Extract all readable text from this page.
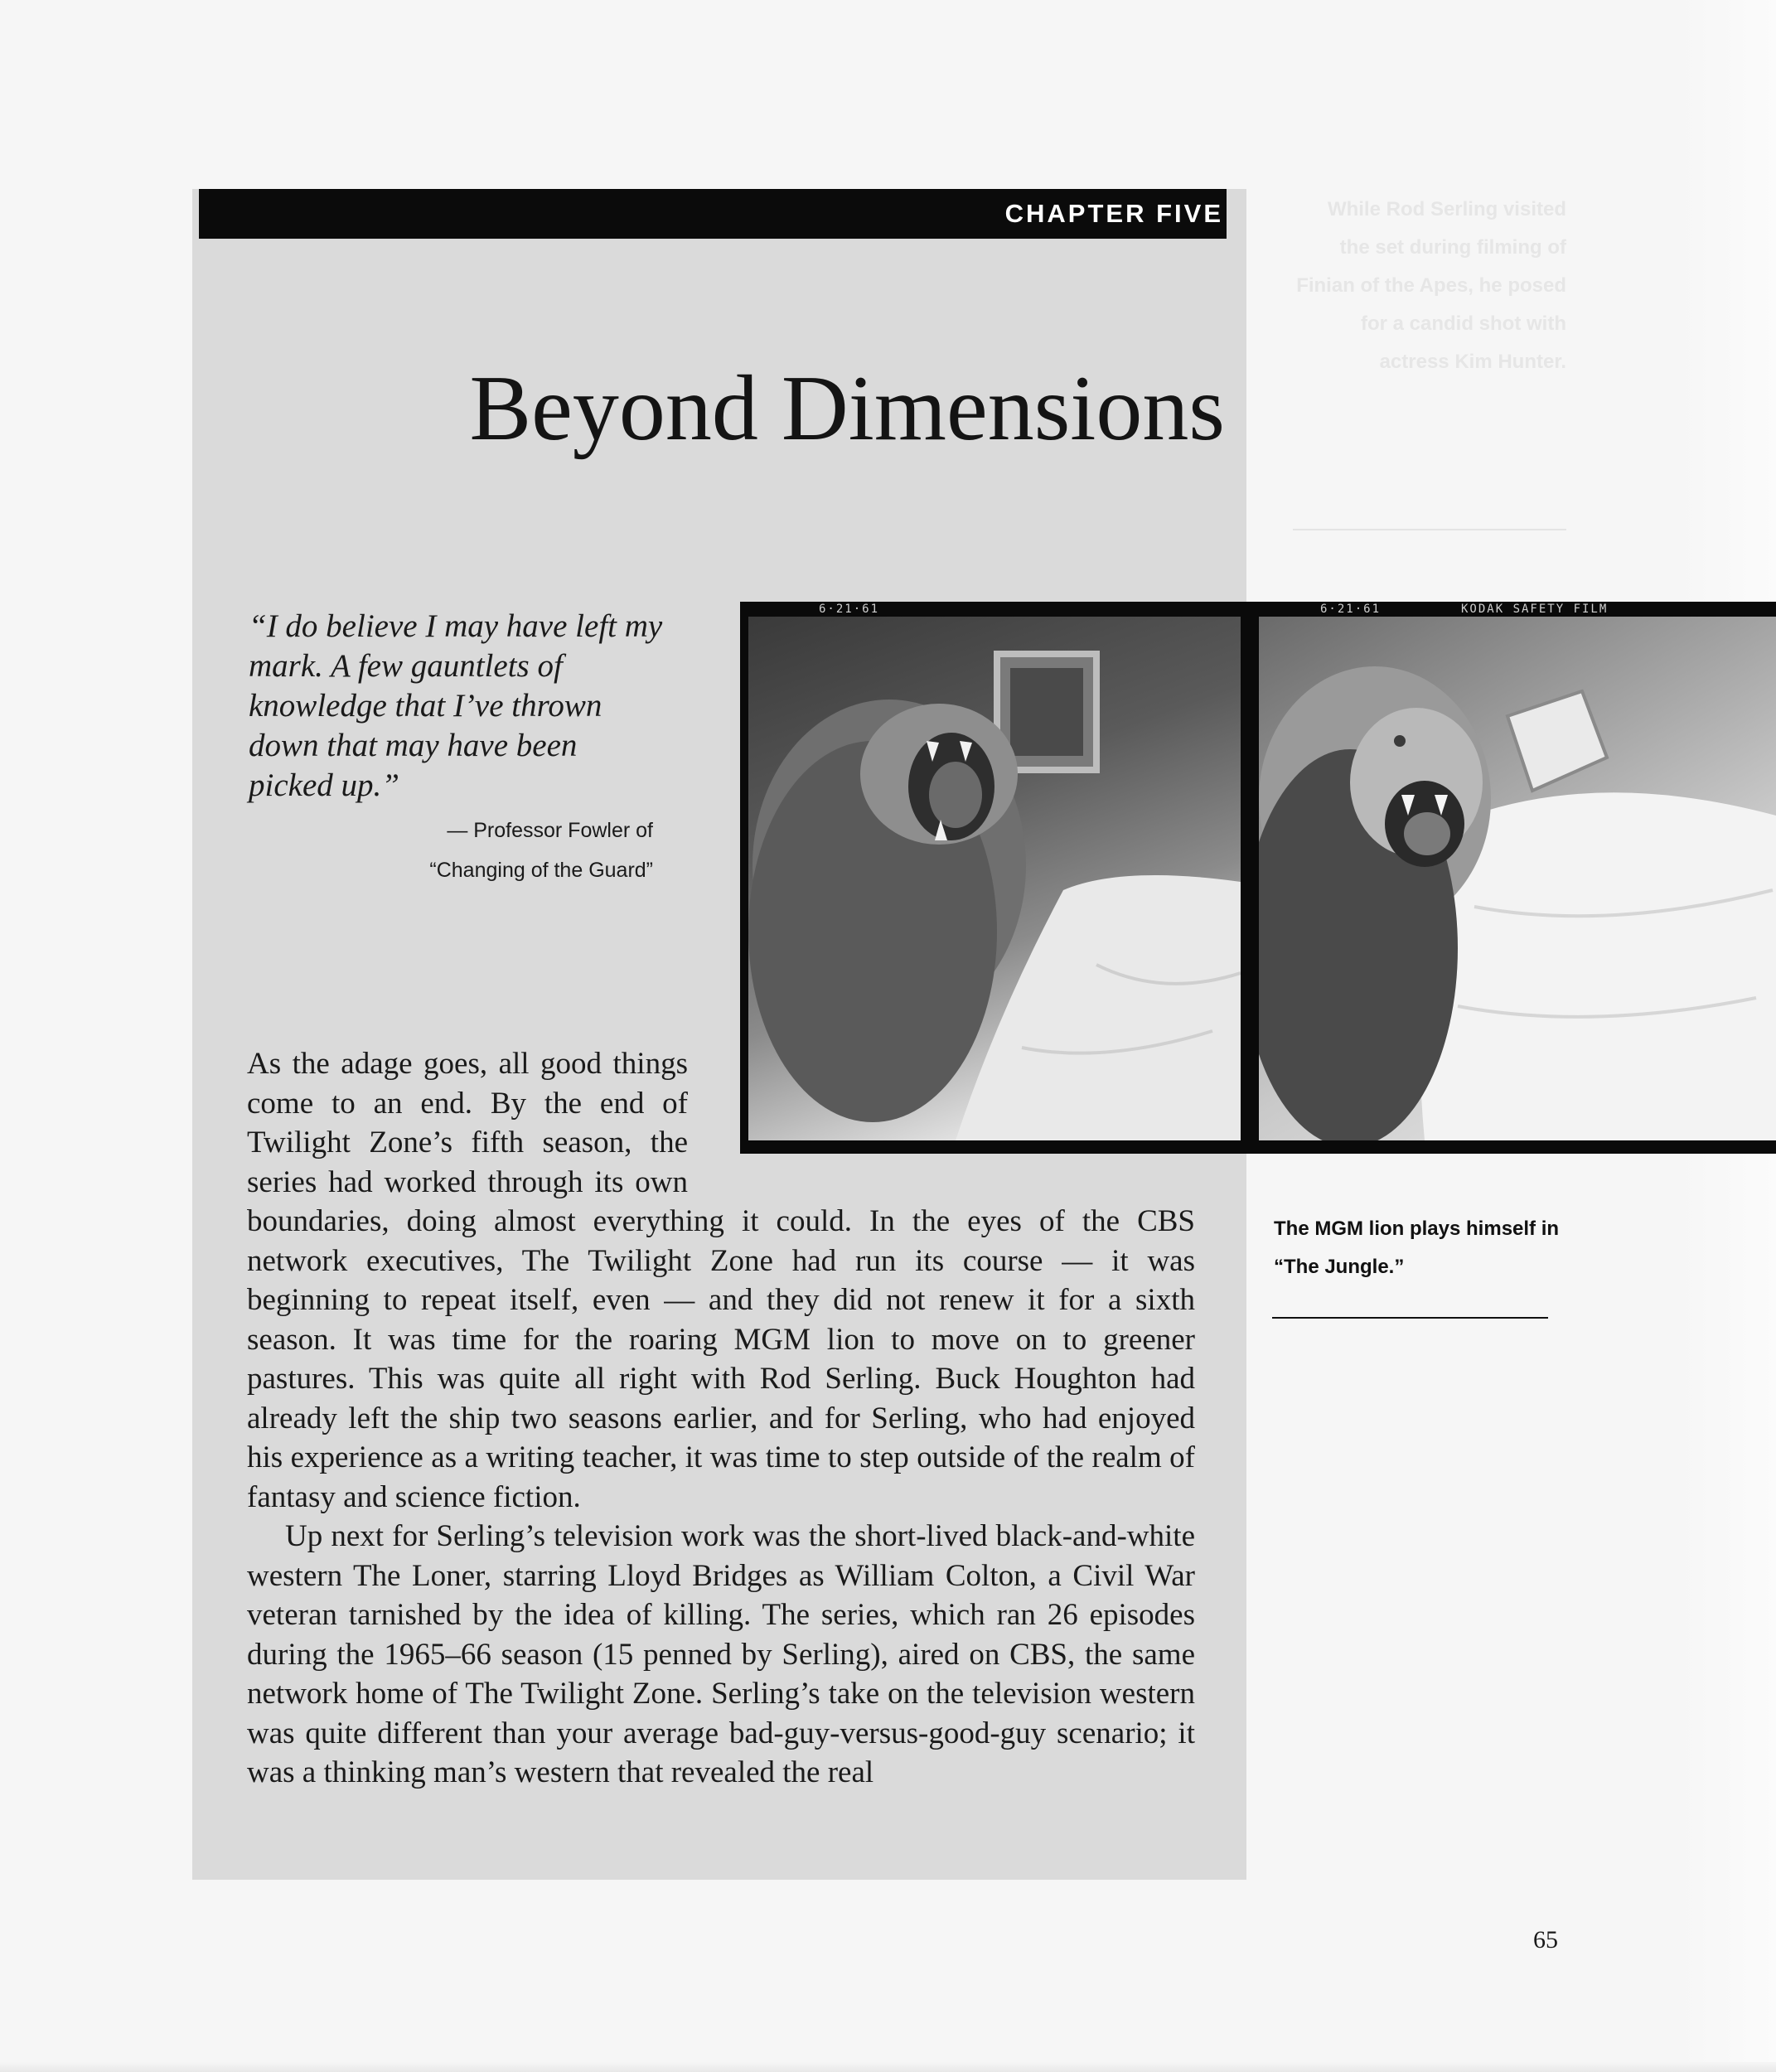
While Rod Serling visited the set during filming of Finian of the Apes, he posed for a candid shot with actress Kim Hunter.
CHAPTER FIVE
Beyond Dimensions

“I do believe I may have left my mark. A few gauntlets of knowledge that I’ve thrown down that may have been picked up.”

— Professor Fowler of
“Changing of the Guard”
6·21·61	6·21·61	KODAK SAFETY FILM
The MGM lion plays himself in “The Jungle.”

As the adage goes, all good things come to an end. By the end of Twilight Zone’s fifth season, the series had worked through its own boundaries, doing almost everything it could. In the eyes of the CBS network executives, The Twilight Zone had run its course — it was beginning to repeat itself, even — and they did not renew it for a sixth season. It was time for the roaring MGM lion to move on to greener pastures. This was quite all right with Rod Serling. Buck Houghton had already left the ship two seasons earlier, and for Serling, who had enjoyed his experience as a writing teacher, it was time to step outside of the realm of fantasy and science fiction.

Up next for Serling’s television work was the short-lived black-and-white western The Loner, starring Lloyd Bridges as William Colton, a Civil War veteran tarnished by the idea of killing. The series, which ran 26 episodes during the 1965–66 season (15 penned by Serling), aired on CBS, the same network home of The Twilight Zone. Serling’s take on the television western was quite different than your average bad-guy-versus-good-guy scenario; it was a thinking man’s western that revealed the real

65
